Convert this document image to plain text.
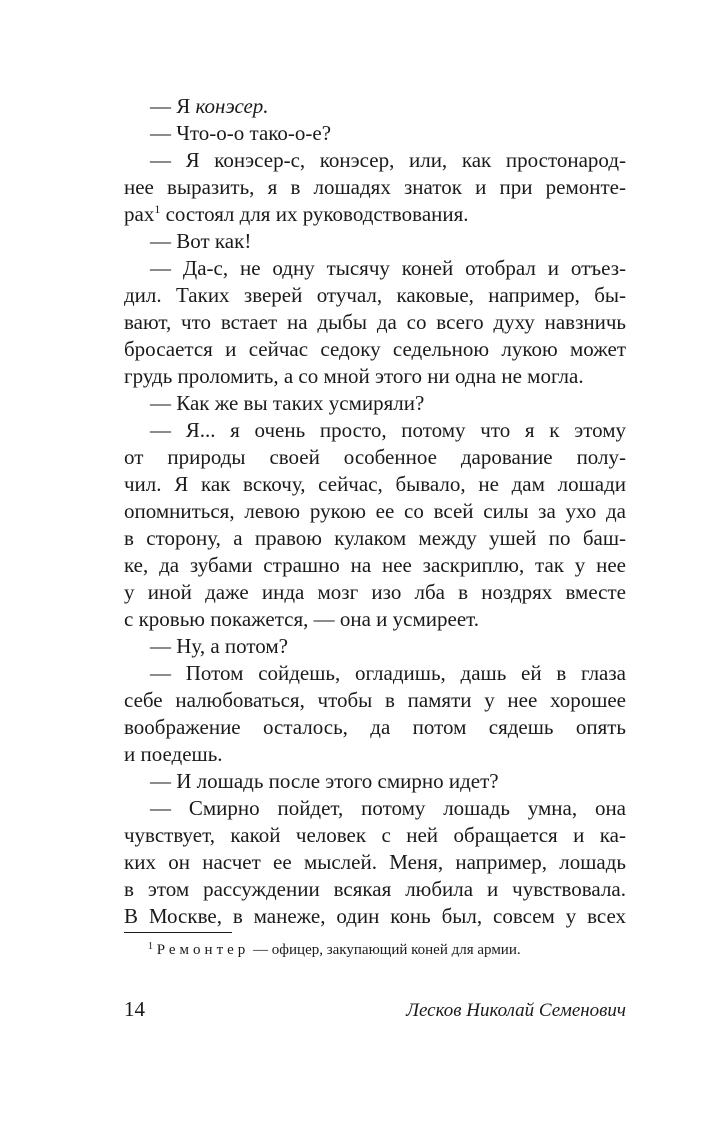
— Я конэсер.
— Что-о-о тако-о-е?
— Я конэсер-с, конэсер, или, как простонарод-
нее выразить, я в лошадях знаток и при ремонте-
рах$^1$ состоял для их руководствования.
— Вот как!
— Да-с, не одну тысячу коней отобрал и отъез-
дил. Таких зверей отучал, каковые, например, бы-
вают, что встает на дыбы да со всего духу навзничь
бросается и сейчас седоку седельною лукою может
грудь проломить, а со мной этого ни одна не могла.
— Как же вы таких усмиряли?
— Я... я очень просто, потому что я к этому
от природы своей особенное дарование полу-
чил. Я как вскочу, сейчас, бывало, не дам лошади
опомниться, левою рукою ее со всей силы за ухо да
в сторону, а правою кулаком между ушей по баш-
ке, да зубами страшно на нее заскриплю, так у нее
у иной даже инда мозг изо лба в ноздрях вместе
с кровью покажется, — она и усмиреет.
— Ну, а потом?
— Потом сойдешь, огладишь, дашь ей в глаза
себе налюбоваться, чтобы в памяти у нее хорошее
воображение осталось, да потом сядешь опять
и поедешь.
— И лошадь после этого смирно идет?
— Смирно пойдет, потому лошадь умна, она
чувствует, какой человек с ней обращается и ка-
ких он насчет ее мыслей. Меня, например, лошадь
в этом рассуждении всякая любила и чувствовала.
В Москве, в манеже, один конь был, совсем у всех
$^1$ Ремонтер — офицер, закупающий коней для армии.
14	Лесков Николай Семенович
